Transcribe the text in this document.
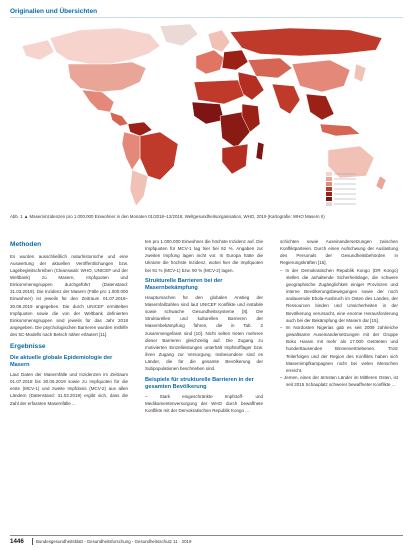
Originalien und Übersichten
Abb. 1 ▲ Maserninzidenzen pro 1.000.000 Einwohner in den Monaten 01/2018–12/2018, Weltgesundheitsorganisation, WHO, 2019 (Kartografie: WHO Masern II)
Methoden

Es wurden ausschließlich naturhistorische und eine Auswertung der aktuellen Veröffentlichungen bzw. Lagebegleitschreiben (Cleanswab: WHO, UNICEF und der Weltbank) zu Masern, Impfquoten und Einkommensgruppen durchgeführt (Datenstand: 31.03.2019). Die Inzidenz der Masern (Fälle pro 1.000.000 Einwohner) ist jeweils für den Zeitraum 01.07.2018–30.06.2019 angegeben. Die durch UNICEF ermittelten Impfquoten sowie die von der Weltbank definierten Einkommensgruppen sind jeweils für das Jahr 2018 angegeben. Die psychologischen Barrieren wurden mithilfe des 5C-Modells nach Betsch näher erläutert [11].

Ergebnisse
Die aktuelle globale Epidemiologie der Masern

Laut Daten der Masernfälle und Inzidenzen im Zeitraum 01.07.2018 bis 30.06.2019 sowie zu Impfquoten für die erste (MCV-1) und zweite Impfdosis (MCV-2) aus allen Ländern (Datenstand: 31.03.2019) ergibt sich, dass die Zahl der erfassten Masernfälle ...

ten pro 1.000.000 Einwohner die höchste Inzidenz auf. Die Impfquoten für MCV-1 lag hier bei 62 %. Angaben zur zweiten Impfung lagen nicht vor. In Europa hatte die Ukraine die höchste Inzidenz, wobei hier die Impfquoten bei 91 % (MCV-1) bzw. 90 % (MCV-2) lagen.

Strukturelle Barrieren bei der Masernbekämpfung

Hauptursachen für den globalen Anstieg der Masernfallzahlen sind laut UNICEF Konflikte und instabile sowie schwache Gesundheitssysteme [8]. Die Strukturellen und kulturellen Barrieren der Masernbekämpfung führen, die in Tab. 2 zusammengefasst sind [10]. Nicht selten treten mehrere dieser Barrieren gleichzeitig auf. Die Zugang zu motivierten Einzelleistungen unterhält Impfstofflager bzw. ihren Zugang zur Versorgung. Insbesondere sind es Länder, die für die gesamte Bevölkerung der Subpopulationen beschrieben sind.

Beispiele für strukturelle Barrieren in der gesamten Bevölkerung

– Stark eingeschränkte Impfstoff- und Medikamentenversorgung der WHO durch bewaffnete Konflikte mit der Demokratischen Republik Kongo ...

schichten sowie Auseinandersetzungen zwischen Konfliktparteien. Durch einen Aufschwung der Auslastung des Personals der Gesundheitsbehörden in Regierungskräften [15].

– In der Demokratischen Republik Kongo (DR Kongo) stellen die anhaltende Sicherheitslage, die schwere geographische Zugänglichkeit einiger Provinzen und interne Bevölkerungsbewegungen sowie der noch andauernde Ebola-Ausbruch im Osten des Landes, der Ressourcen binden und Unsicherheiten in der Bevölkerung verursacht, eine enorme Herausforderung auch bei der Bekämpfung der Masern dar [15].
– Im Nordosten Nigerias gab es seit 2009 zahlreiche gewaltsame Auseinandersetzungen mit der Gruppe Boko Haram mit mehr als 17.000 Getöteten und hunderttausenden Binnenvertriebenen. Trotz Teilerfolgen und der Region des Konflikts haben sich Masernimpfkampagnen nicht bei vielen Menschen erreicht.
– Jemen, eines der ärmsten Länder im Mittleren Osten, ist seit 2015 Schauplatz schwerer bewaffneter Konflikte ...
1446	Bundesgesundheitsblatt - Gesundheitsforschung - Gesundheitsschutz 11 · 2019
